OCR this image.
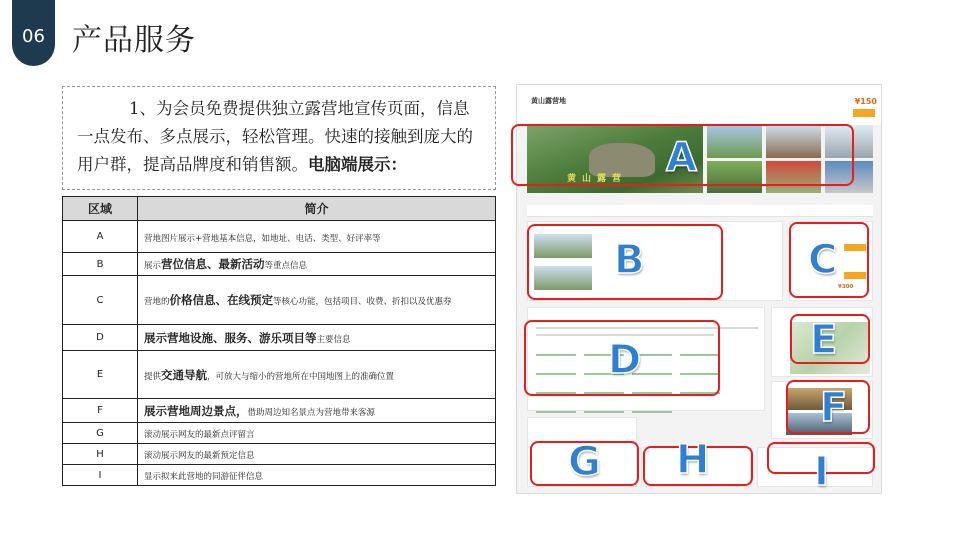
06 产品服务
1、为会员免费提供独立露营地宣传页面，信息一点发布、多点展示，轻松管理。快速的接触到庞大的用户群，提高品牌度和销售额。电脑端展示：
区域	简介
A	营地图片展示+营地基本信息，如地址、电话、类型、好评率等
B	展示营位信息、最新活动等重点信息
C	营地的价格信息、在线预定等核心功能，包括项目、收费、折扣以及优惠券
D	展示营地设施、服务、游乐项目等主要信息
E	提供交通导航，可放大与缩小的营地所在中国地图上的准确位置
F	展示营地周边景点，借助周边知名景点为营地带来客源
G	滚动展示网友的最新点评留言
H	滚动展示网友的最新预定信息
I	显示拟来此营地的同游征伴信息
黄山露营地	¥150
黄山露营
¥300

A
B	C
D	E
F
G H	I
